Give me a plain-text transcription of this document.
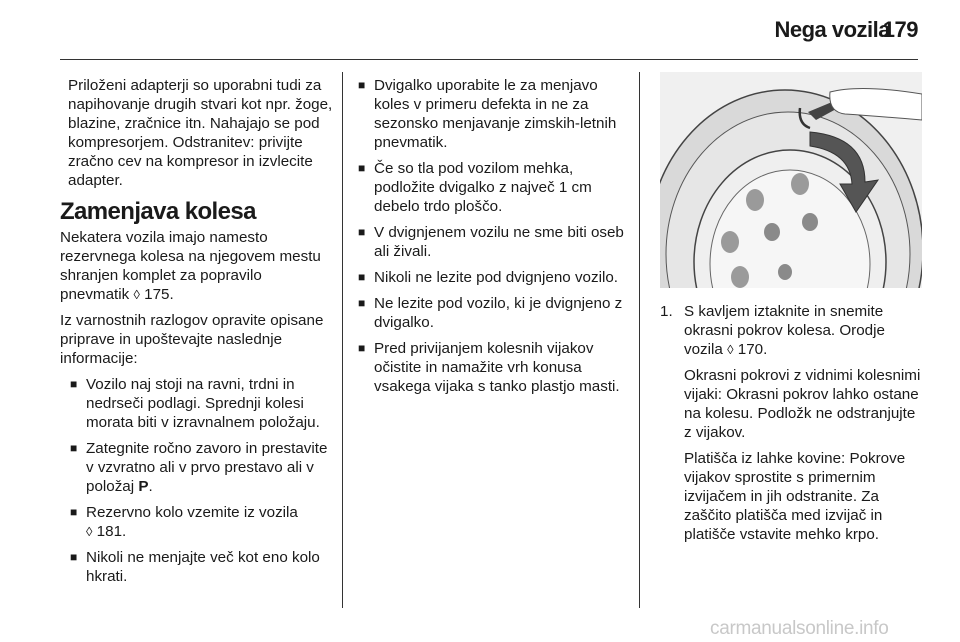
Nega vozila
179

Priloženi adapterji so uporabni tudi za napihovanje drugih stvari kot npr. žoge, blazine, zračnice itn. Nahajajo se pod kompresorjem. Odstranitev: privijte zračno cev na kompresor in izvlecite adapter.

Zamenjava kolesa

Nekatera vozila imajo namesto rezervnega kolesa na njegovem mestu shranjen komplet za popravilo pnevmatik ◊ 175.

Iz varnostnih razlogov opravite opisane priprave in upoštevajte naslednje informacije:

■ Vozilo naj stoji na ravni, trdni in nedrseči podlagi. Sprednji kolesi morata biti v izravnalnem položaju.
■ Zategnite ročno zavoro in prestavite v vzvratno ali v prvo prestavo ali v položaj P.
■ Rezervno kolo vzemite iz vozila
◊ 181.
■ Nikoli ne menjajte več kot eno kolo hkrati.
■ Dvigalko uporabite le za menjavo koles v primeru defekta in ne za sezonsko menjavanje zimskih-letnih pnevmatik.
■ Če so tla pod vozilom mehka, podložite dvigalko z največ 1 cm debelo trdo ploščo.
■ V dvignjenem vozilu ne sme biti oseb ali živali.
■ Nikoli ne lezite pod dvignjeno vozilo.
■ Ne lezite pod vozilo, ki je dvignjeno z dvigalko.
■ Pred privijanjem kolesnih vijakov očistite in namažite vrh konusa vsakega vijaka s tanko plastjo masti.
1. S kavljem iztaknite in snemite okrasni pokrov kolesa. Orodje vozila ◊ 170.

Okrasni pokrovi z vidnimi kolesnimi vijaki: Okrasni pokrov lahko ostane na kolesu. Podložk ne odstranjujte z vijakov.

Platišča iz lahke kovine: Pokrove vijakov sprostite s primernim izvijačem in jih odstranite. Za zaščito platišča med izvijač in platišče vstavite mehko krpo.

carmanualsonline.info
